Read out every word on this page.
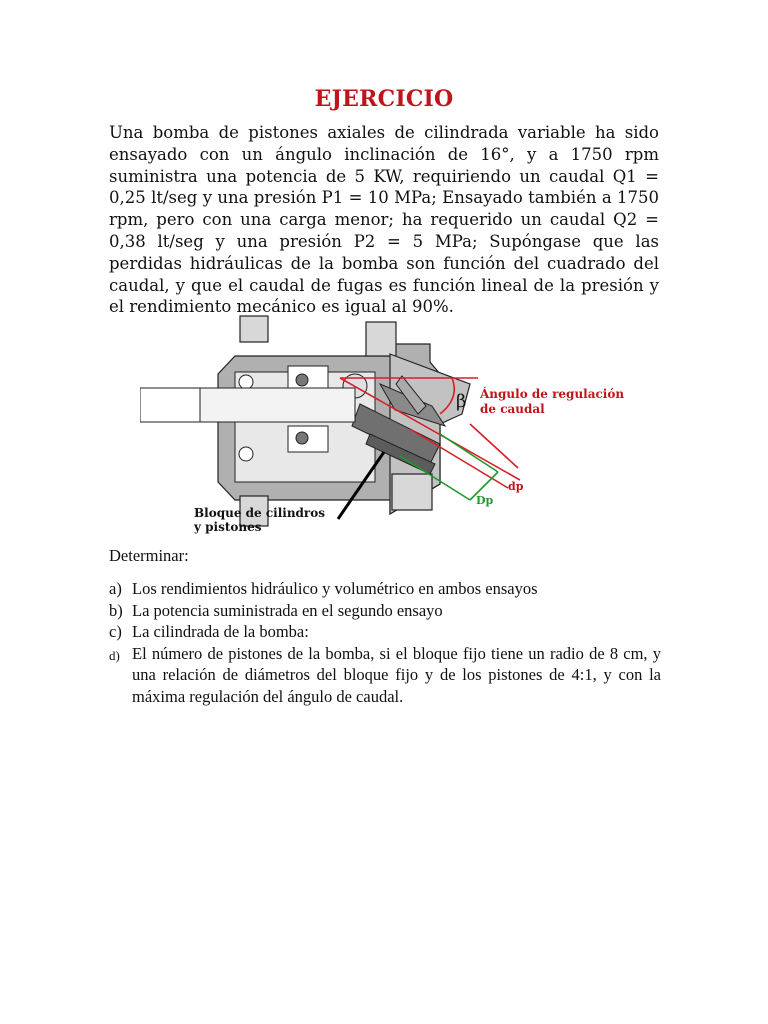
EJERCICIO

Una bomba de pistones axiales de cilindrada variable ha sido ensayado con un ángulo inclinación de 16°, y a 1750 rpm suministra una potencia de 5 KW, requiriendo un caudal Q1 = 0,25 lt/seg y una presión P1 = 10 MPa; Ensayado también a 1750 rpm, pero con una carga menor; ha requerido un caudal Q2 = 0,38 lt/seg y una presión P2 = 5 MPa; Supóngase que las perdidas hidráulicas de la bomba son función del cuadrado del caudal, y que el caudal de fugas es función lineal de la presión y el rendimiento mecánico es igual al 90%.

β Ángulo de regulación
de caudal
dp
Dp
Bloque de cilindros
y pistones
Determinar:
a) Los rendimientos hidráulico y volumétrico en ambos ensayos
b) La potencia suministrada en el segundo ensayo
c) La cilindrada de la bomba:
d) El número de pistones de la bomba, si el bloque fijo tiene un radio de 8 cm, y una relación de diámetros del bloque fijo y de los pistones de 4:1, y con la máxima regulación del ángulo de caudal.
